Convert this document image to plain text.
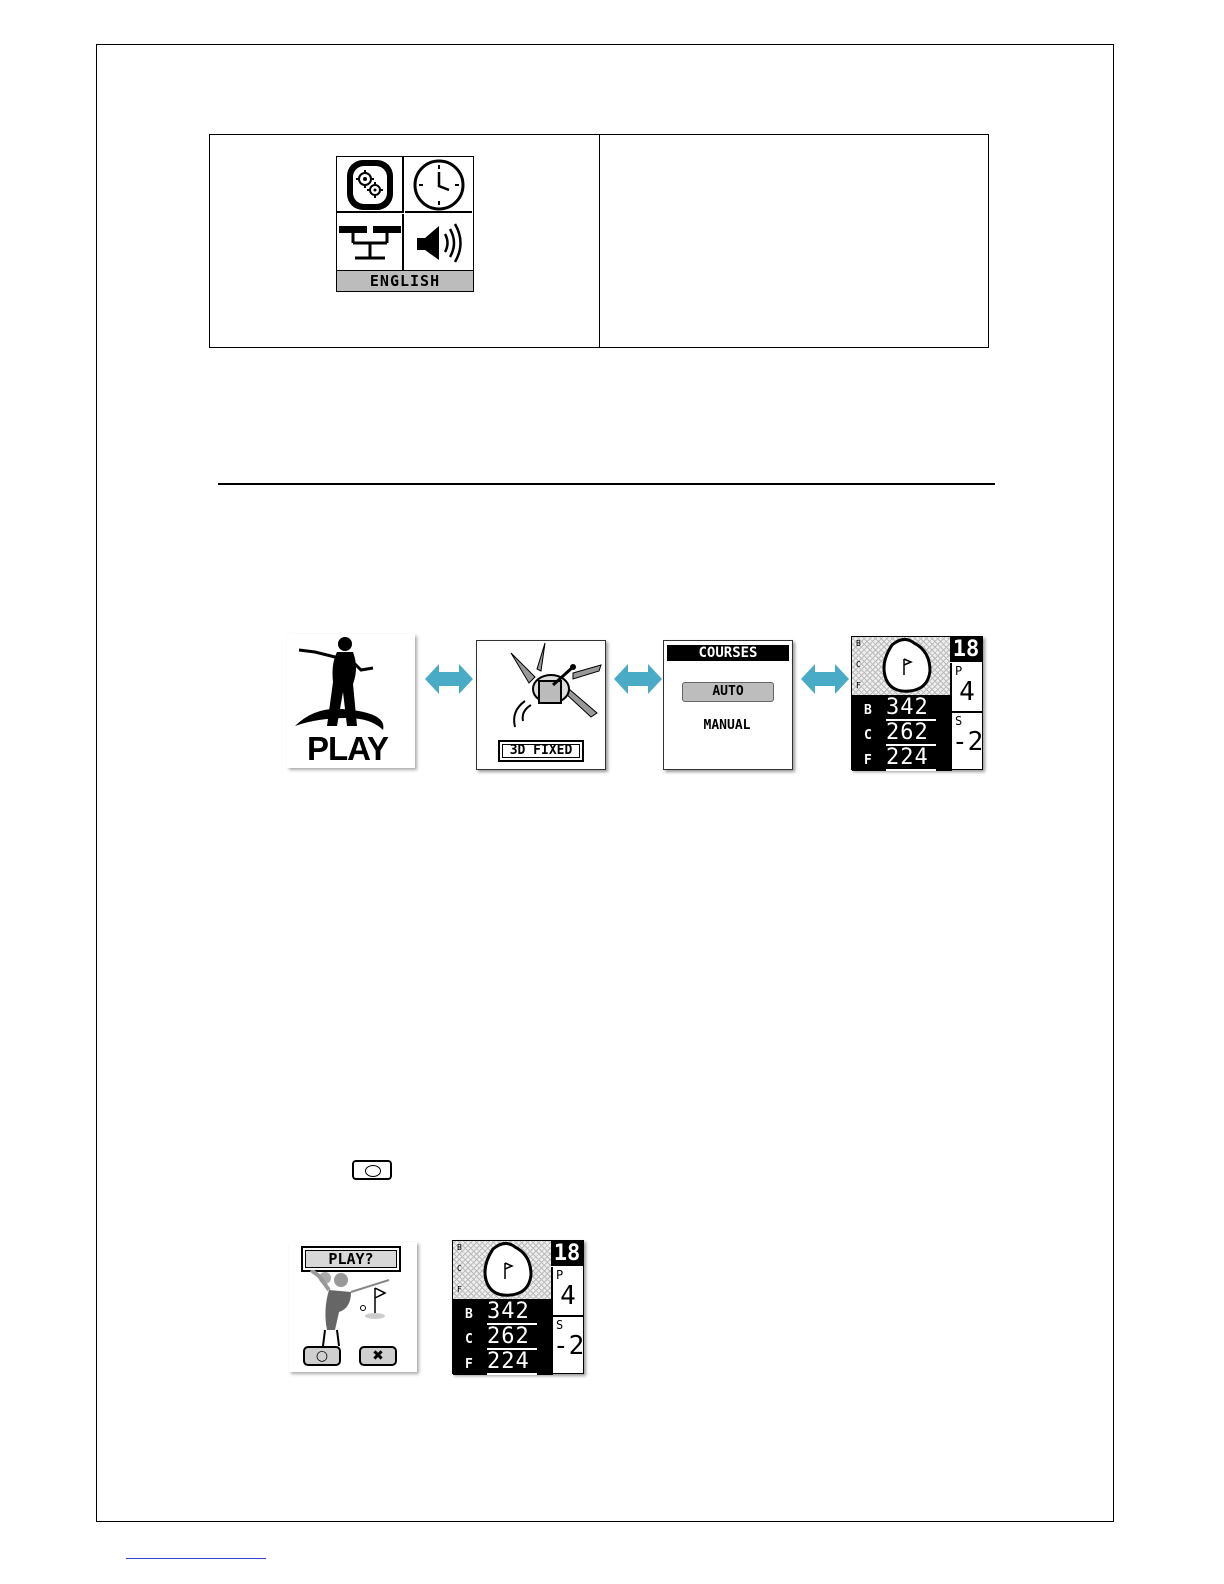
ENGLISH
PLAY	3D FIXED
COURSES
AUTO
MANUAL
B
C
F
18
P
4
S
-2
B 342
C 262
F 224
PLAY?
○	✖
B
C
F
18
P
4
S
-2
B 342
C 262
F 224
